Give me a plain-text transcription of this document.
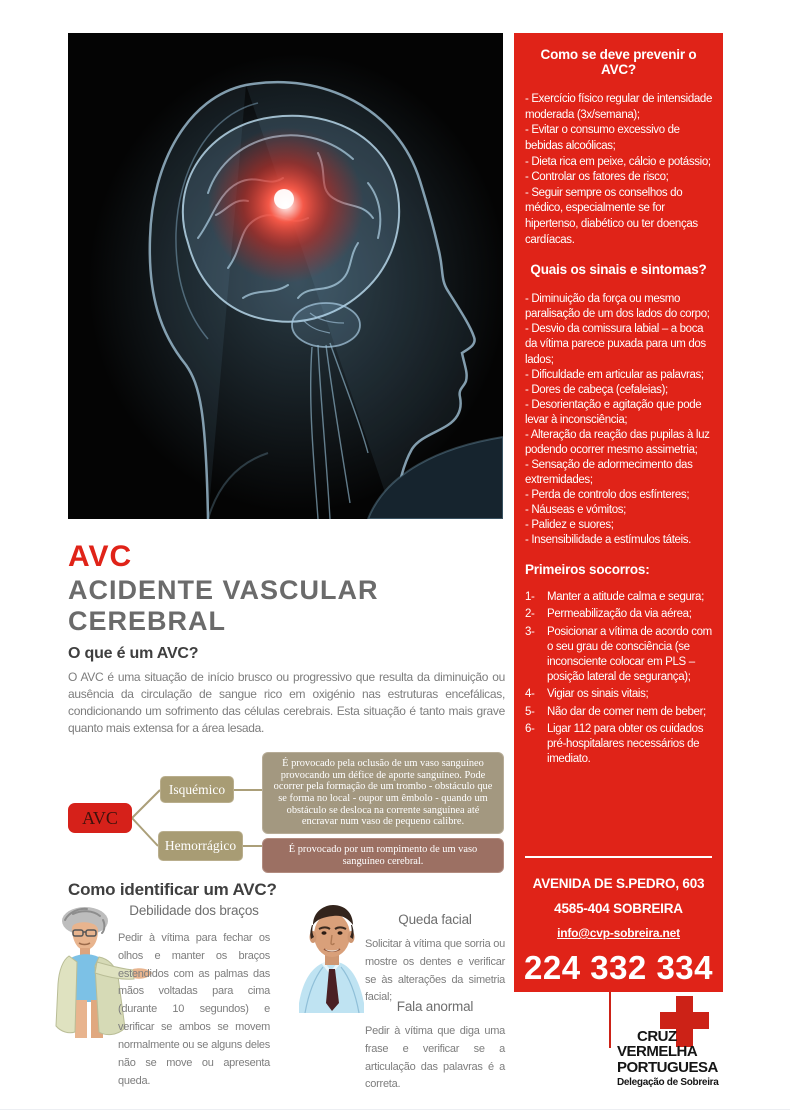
Como se deve prevenir o AVC?
- Exercício físico regular de intensidade moderada (3x/semana);
- Evitar o consumo excessivo de bebidas alcoólicas;
- Dieta rica em peixe, cálcio e potássio;
- Controlar os fatores de risco;
- Seguir sempre os conselhos do médico, especialmente se for hipertenso, diabético ou ter doenças cardíacas.
Quais os sinais e sintomas?
- Diminuição da força ou mesmo paralisação de um dos lados do corpo;
- Desvio da comissura labial – a boca da vítima parece puxada para um dos lados;
- Dificuldade em articular as palavras;
- Dores de cabeça (cefaleias);
- Desorientação e agitação que pode levar à inconsciência;
- Alteração da reação das pupilas à luz podendo ocorrer mesmo assimetria;
- Sensação de adormecimento das extremidades;
- Perda de controlo dos esfínteres;
- Náuseas e vómitos;
- Palidez e suores;
- Insensibilidade a estímulos táteis.
Primeiros socorros:
1-	Manter a atitude calma e segura;
2-	Permeabilização da via aérea;
3-	Posicionar a vítima de acordo com o seu grau de consciência (se inconsciente colocar em PLS – posição lateral de segurança);
4-	Vigiar os sinais vitais;
5-	Não dar de comer nem de beber;
6-	Ligar 112 para obter os cuidados pré-hospitalares necessários de imediato.
AVENIDA DE S.PEDRO, 603
4585-404 SOBREIRA
info@cvp-sobreira.net
224 332 334
AVC
ACIDENTE VASCULAR
CEREBRAL
O que é um AVC?
O AVC é uma situação de início brusco ou progressivo que resulta da diminuição ou ausência da circulação de sangue rico em oxigénio nas estruturas encefálicas, condicionando um sofrimento das células cerebrais. Esta situação é tanto mais grave quanto mais extensa for a área lesada.
AVC
Isquémico
Hemorrágico
É provocado pela oclusão de um vaso sanguíneo provocando um défice de aporte sanguíneo. Pode ocorrer pela formação de um trombo - obstáculo que se forma no local - oupor um êmbolo - quando um obstáculo se desloca na corrente sanguínea até encravar num vaso de pequeno calibre.
É provocado por um rompimento de um vaso sanguíneo cerebral.
Como identificar um AVC?
Debilidade dos braços
Pedir à vítima para fechar os olhos e manter os braços estendidos com as palmas das mãos voltadas para cima (durante 10 segundos) e verificar se ambos se movem normalmente ou se alguns deles não se move ou apresenta queda.
Queda facial
Solicitar à vítima que sorria ou mostre os dentes e verificar se às alterações da simetria facial;
Fala anormal
Pedir à vítima que diga uma frase e verificar se a articulação das palavras é a correta.
CRUZ
VERMELHA
PORTUGUESA
Delegação de Sobreira
